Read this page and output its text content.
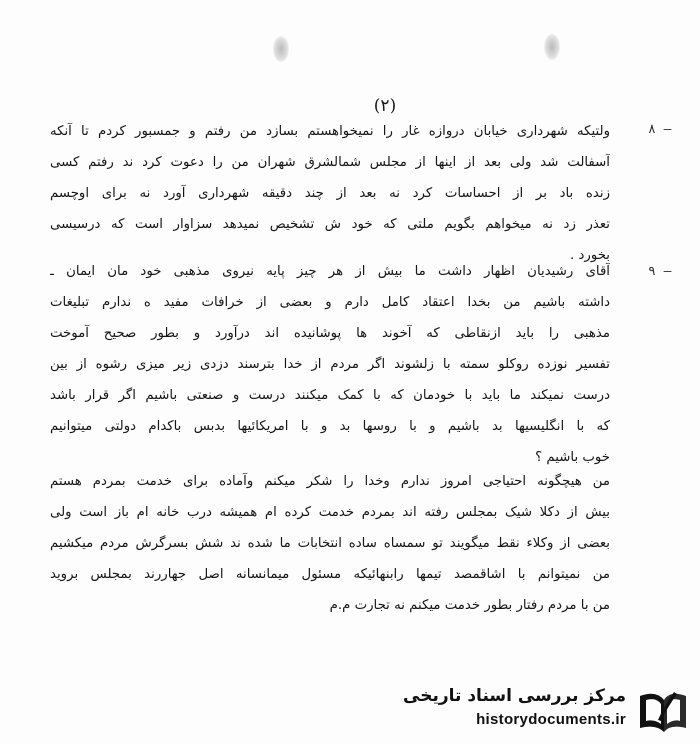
(٢)
٨ —
٩ —
ولتیکه شهرداری خیابان دروازه غار را نمیخواهستم بسازد من رفتم و جمسبور کردم تا آنکه
آسفالت شد ولی بعد از اینها از مجلس شمالشرق شهران من را دعوت کرد ند رفتم کسی
زنده باد بر از احساسات کرد نه بعد از چند دقیقه شهرداری آورد نه برای اوچسم
تعذر زد نه میخواهم بگویم ملتی که خود ش تشخیص نمیدهد سزاوار است که درسیسی
بخورد .
آقای رشیدیان اظهار داشت ما بیش از هر چیز پایه نیروی مذهبی خود مان ایمان ـ
داشته باشیم من بخدا اعتقاد کامل دارم و بعضی از خرافات مفید ه ندارم تبلیغات
مذهبی را باید ازنقاطی که آخوند ها پوشانیده اند درآورد و بطور صحیح آموخت
تفسیر نوزده روکلو سمته با زلشوند اگر مردم از خدا بترسند دزدی زیر میزی رشوه از بین
درست نمیکند ما باید با خودمان که با کمک میکنند درست و صنعتی باشیم اگر قرار باشد
که با انگلیسیها بد باشیم و با روسها بد و با امریکائیها بدبس باکدام دولتی میتوانیم
خوب باشیم ؟
من هیچگونه احتیاجی امروز ندارم وخدا را شکر میکنم وآماده برای خدمت بمردم هستم
بیش از دکلا شیک بمجلس رفته اند بمردم خدمت کرده ام همیشه درب خانه ام باز است ولی
بعضی از وکلاء نقط میگویند تو سمساه ساده انتخابات ما شده ند شش بسرگرش مردم میکشیم
من نمیتوانم با اشاقمصد تیمها رابنهائیکه مسئول میمانسانه اصل جهاررند بمجلس بروید
من با مردم رفتار بطور خدمت میکنم نه تجارت م.م
مرکز بررسی اسناد تاریخی
historydocuments.ir
